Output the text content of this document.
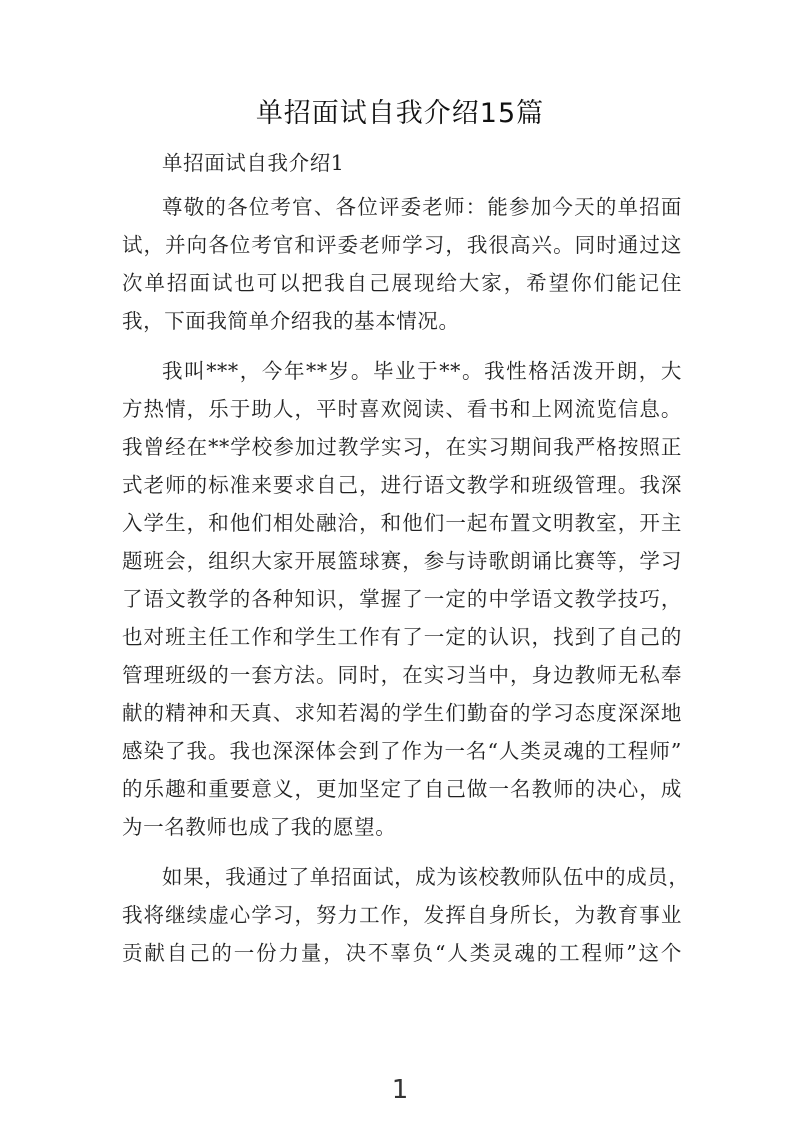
单招面试自我介绍15篇
单招面试自我介绍1
尊敬的各位考官、各位评委老师：能参加今天的单招面
试，并向各位考官和评委老师学习，我很高兴。同时通过这
次单招面试也可以把我自己展现给大家，希望你们能记住
我，下面我简单介绍我的基本情况。
我叫***，今年**岁。毕业于**。我性格活泼开朗，大
方热情，乐于助人，平时喜欢阅读、看书和上网流览信息。
我曾经在**学校参加过教学实习，在实习期间我严格按照正
式老师的标准来要求自己，进行语文教学和班级管理。我深
入学生，和他们相处融洽，和他们一起布置文明教室，开主
题班会，组织大家开展篮球赛，参与诗歌朗诵比赛等，学习
了语文教学的各种知识，掌握了一定的中学语文教学技巧，
也对班主任工作和学生工作有了一定的认识，找到了自己的
管理班级的一套方法。同时，在实习当中，身边教师无私奉
献的精神和天真、求知若渴的学生们勤奋的学习态度深深地
感染了我。我也深深体会到了作为一名“人类灵魂的工程师”
的乐趣和重要意义，更加坚定了自己做一名教师的决心，成
为一名教师也成了我的愿望。
如果，我通过了单招面试，成为该校教师队伍中的成员，
我将继续虚心学习，努力工作，发挥自身所长，为教育事业
贡献自己的一份力量，决不辜负“人类灵魂的工程师”这个
1
